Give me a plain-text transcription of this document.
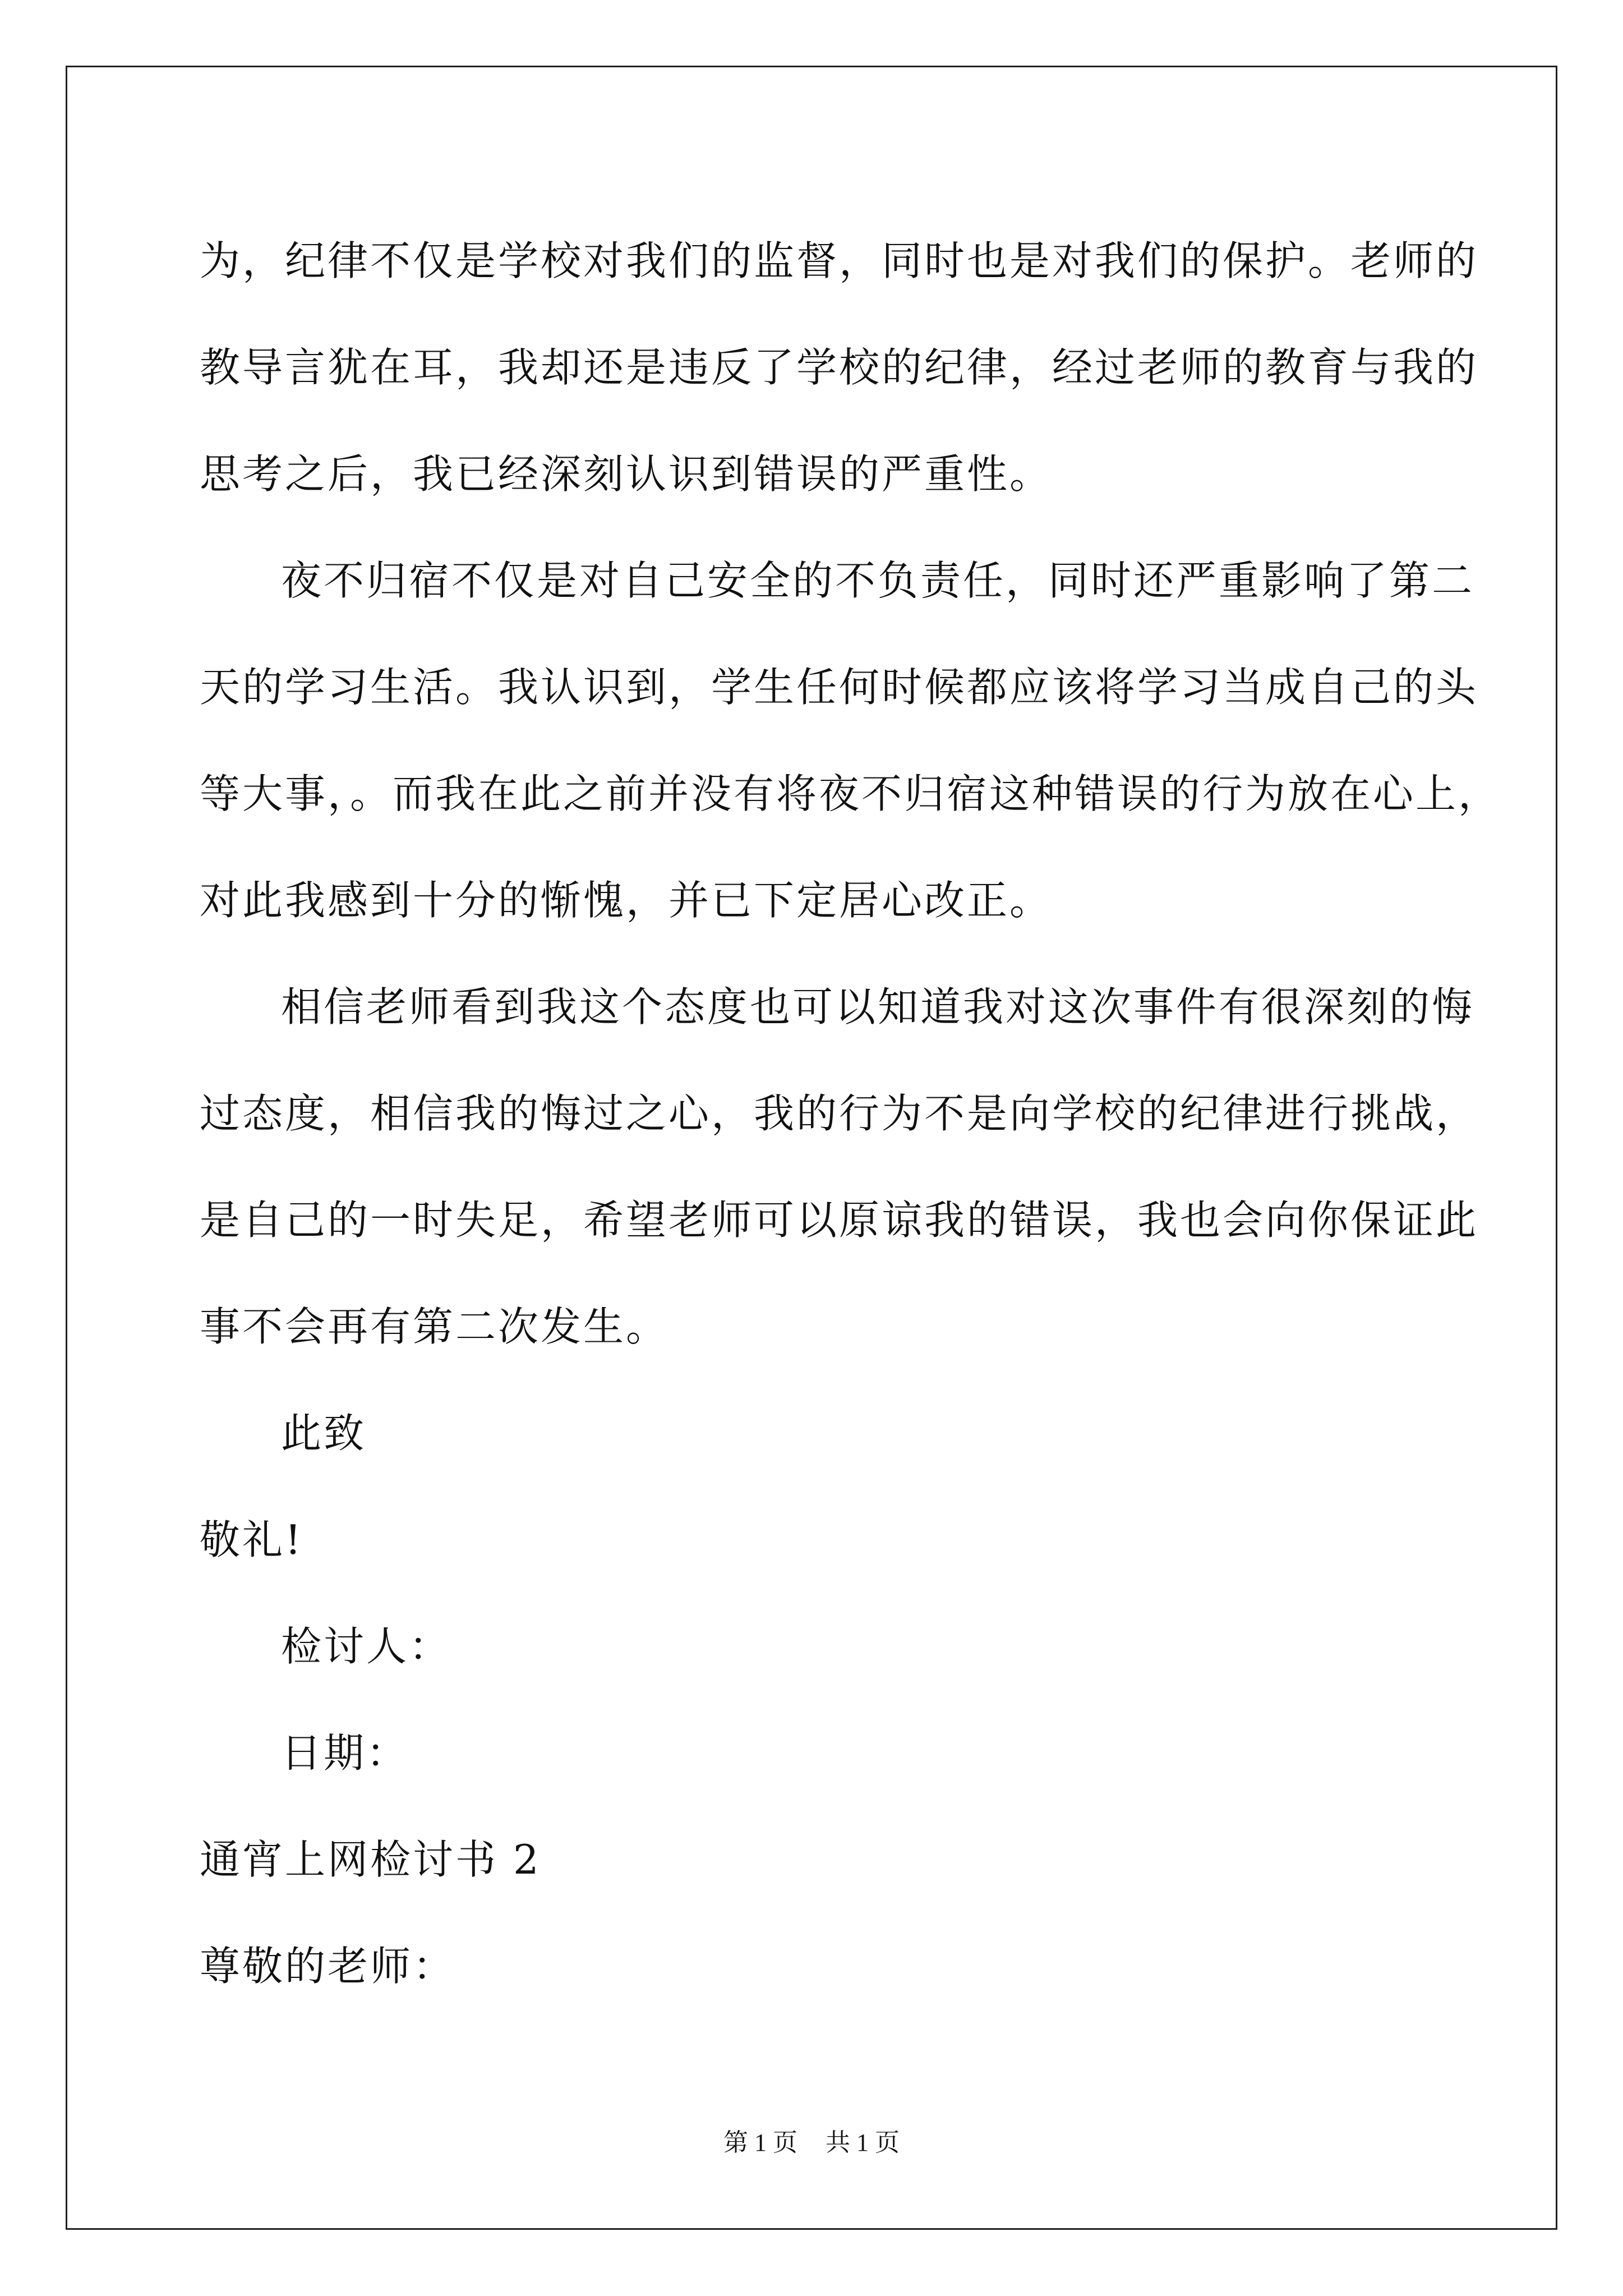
为，纪律不仅是学校对我们的监督，同时也是对我们的保护。老师的
教导言犹在耳，我却还是违反了学校的纪律，经过老师的教育与我的
思考之后，我已经深刻认识到错误的严重性。
夜不归宿不仅是对自己安全的不负责任，同时还严重影响了第二
天的学习生活。我认识到，学生任何时候都应该将学习当成自己的头
等大事，。而我在此之前并没有将夜不归宿这种错误的行为放在心上，
对此我感到十分的惭愧，并已下定居心改正。
相信老师看到我这个态度也可以知道我对这次事件有很深刻的悔
过态度，相信我的悔过之心，我的行为不是向学校的纪律进行挑战，
是自己的一时失足，希望老师可以原谅我的错误，我也会向你保证此
事不会再有第二次发生。
此致
敬礼!
检讨人：
日期：
通宵上网检讨书 2
尊敬的老师：
第 1 页 共 1 页
